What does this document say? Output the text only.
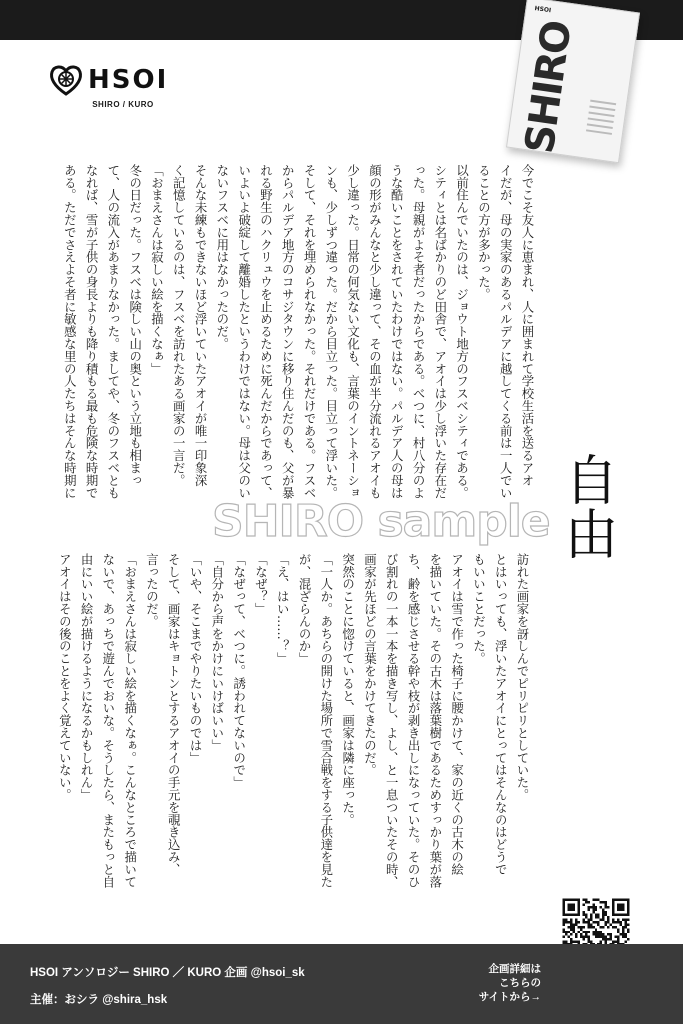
HSOI
SHIRO / KURO
HSOI
SHIRO
自由

今でこそ友人に恵まれ、人に囲まれて学校生活を送るアオ

イだが、母の実家のあるパルデアに越してくる前は一人でい

ることの方が多かった。

以前住んでいたのは、ジョウト地方のフスベシティである。

シティとは名ばかりのど田舎で、アオイは少し浮いた存在だ

った。母親がよそ者だったからである。べつに、村八分のよ

うな酷いことをされていたわけではない。パルデア人の母は

顔の形がみんなと少し違って、その血が半分流れるアオイも

少し違った。日常の何気ない文化も、言葉のイントネーショ

ンも、少しずつ違った。だから目立った。目立って浮いた。

そして、それを埋められなかった。それだけである。フスベ

からパルデア地方のコサジタウンに移り住んだのも、父が暴

れる野生のハクリュウを止めるために死んだからであって、

いよいよ破綻して離婚したというわけではない。母は父のい

ないフスベに用はなかったのだ。

そんな未練もできないほど浮いていたアオイが唯一印象深

く記憶しているのは、フスベを訪れたある画家の一言だ。

「おまえさんは寂しい絵を描くなぁ」

冬の日だった。フスベは険しい山の奥という立地も相まっ

て、人の流入があまりなかった。ましてや、冬のフスベとも

なれば、雪が子供の身長よりも降り積もる最も危険な時期で

ある。ただでさえよそ者に敏感な里の人たちはそんな時期に

訪れた画家を訝しんでピリピリとしていた。

とはいっても、浮いたアオイにとってはそんなのはどうで

もいいことだった。

アオイは雪で作った椅子に腰かけて、家の近くの古木の絵

を描いていた。その古木は落葉樹であるためすっかり葉が落

ち、齢を感じさせる幹や枝が剥き出しになっていた。そのひ

び割れの一本一本を描き写し、よし、と一息ついたその時、

画家が先ほどの言葉をかけてきたのだ。

突然のことに惚けていると、画家は隣に座った。

「一人か。あちらの開けた場所で雪合戦をする子供達を見た

が、混ざらんのか」

「え、はい……？」

「なぜ？」

「なぜって、べつに。誘われてないので」

「自分から声をかけにいけばいい」

「いや、そこまでやりたいものでは」

そして、画家はキョトンとするアオイの手元を覗き込み、

言ったのだ。

「おまえさんは寂しい絵を描くなぁ。こんなところで描いて

ないで、あっちで遊んでおいな。そうしたら、またもっと自

由にいい絵が描けるようになるかもしれん」

アオイはその後のことをよく覚えていない。

SHIRO sample
HSOI アンソロジー SHIRO ／ KURO 企画 @hsoi_sk
主催：おシラ @shira_hsk
企画詳細は
こちらの
サイトから→
